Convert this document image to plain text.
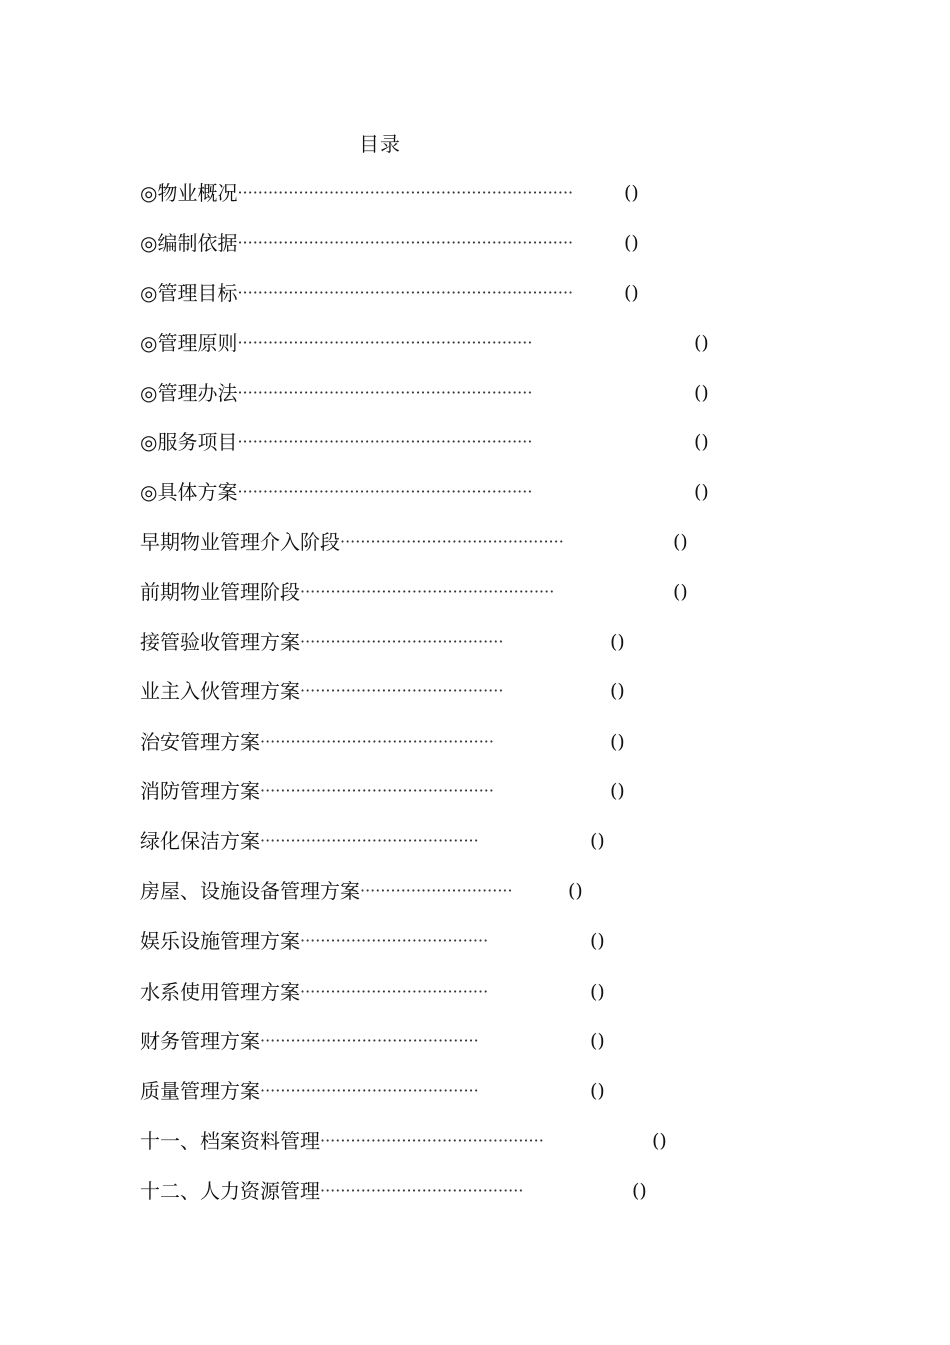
目录
◎物业概况··································································	()
◎编制依据··································································	()
◎管理目标··································································	()
◎管理原则··························································	()
◎管理办法··························································	()
◎服务项目··························································	()
◎具体方案··························································	()
早期物业管理介入阶段············································	()
前期物业管理阶段··················································	()
接管验收管理方案········································	()
业主入伙管理方案········································	()
治安管理方案··············································	()
消防管理方案··············································	()
绿化保洁方案···········································	()
房屋、设施设备管理方案······························	()
娱乐设施管理方案·····································	()
水系使用管理方案·····································	()
财务管理方案···········································	()
质量管理方案···········································	()
十一、档案资料管理············································	()
十二、人力资源管理········································	()
